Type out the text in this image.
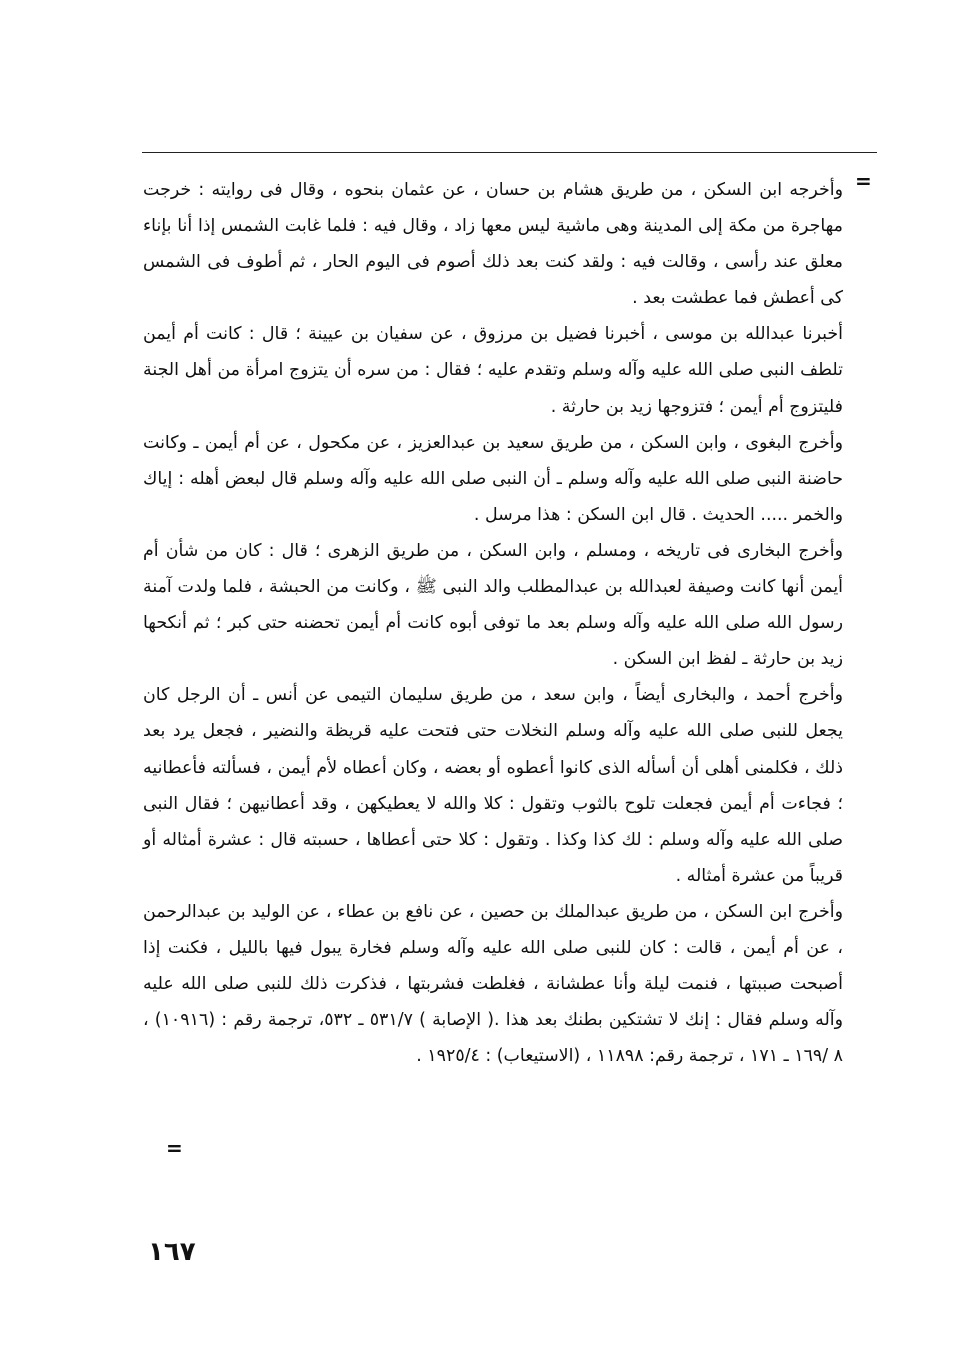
=

وأخرجه ابن السكن ، من طريق هشام بن حسان ، عن عثمان بنحوه ، وقال فى روايته : خرجت مهاجرة من مكة إلى المدينة وهى ماشية ليس معها زاد ، وقال فيه : فلما غابت الشمس إذا أنا بإناء معلق عند رأسى ، وقالت فيه : ولقد كنت بعد ذلك أصوم فى اليوم الحار ، ثم أطوف فى الشمس كى أعطش فما عطشت بعد .

أخبرنا عبدالله بن موسى ، أخبرنا فضيل بن مرزوق ، عن سفيان بن عيينة ؛ قال : كانت أم أيمن تلطف النبى صلى الله عليه وآله وسلم وتقدم عليه ؛ فقال : من سره أن يتزوج امرأة من أهل الجنة فليتزوج أم أيمن ؛ فتزوجها زيد بن حارثة .

وأخرج البغوى ، وابن السكن ، من طريق سعيد بن عبدالعزيز ، عن مكحول ، عن أم أيمن ـ وكانت حاضنة النبى صلى الله عليه وآله وسلم ـ أن النبى صلى الله عليه وآله وسلم قال لبعض أهله : إياك والخمر ..... الحديث . قال ابن السكن : هذا مرسل .

وأخرج البخارى فى تاريخه ، ومسلم ، وابن السكن ، من طريق الزهرى ؛ قال : كان من شأن أم أيمن أنها كانت وصيفة لعبدالله بن عبدالمطلب والد النبى ﷺ ، وكانت من الحبشة ، فلما ولدت آمنة رسول الله صلى الله عليه وآله وسلم بعد ما توفى أبوه كانت أم أيمن تحضنه حتى كبر ؛ ثم أنكحها زيد بن حارثة ـ لفظ ابن السكن .

وأخرج أحمد ، والبخارى أيضاً ، وابن سعد ، من طريق سليمان التيمى عن أنس ـ أن الرجل كان يجعل للنبى صلى الله عليه وآله وسلم النخلات حتى فتحت عليه قريظة والنضير ، فجعل يرد بعد ذلك ، فكلمنى أهلى أن أسأله الذى كانوا أعطوه أو بعضه ، وكان أعطاه لأم أيمن ، فسألته فأعطانيه ؛ فجاءت أم أيمن فجعلت تلوح بالثوب وتقول : كلا والله لا يعطيكهن ، وقد أعطانيهن ؛ فقال النبى صلى الله عليه وآله وسلم : لك كذا وكذا . وتقول : كلا حتى أعطاها ، حسبته قال : عشرة أمثاله أو قريباً من عشرة أمثاله .

وأخرج ابن السكن ، من طريق عبدالملك بن حصين ، عن نافع بن عطاء ، عن الوليد بن عبدالرحمن ، عن أم أيمن ، قالت : كان للنبى صلى الله عليه وآله وسلم فخارة يبول فيها بالليل ، فكنت إذا أصبحت صببتها ، فنمت ليلة وأنا عطشانة ، فغلطت فشربتها ، فذكرت ذلك للنبى صلى الله عليه وآله وسلم فقال : إنك لا تشتكين بطنك بعد هذا .( الإصابة ) ٥٣١/٧ ـ ٥٣٢، ترجمة رقم : (١٠٩١٦) ، ٨ /١٦٩ ـ ١٧١ ، ترجمة رقم: ١١٨٩٨ ، (الاستيعاب) : ١٩٢٥/٤ .

=
١٦٧
